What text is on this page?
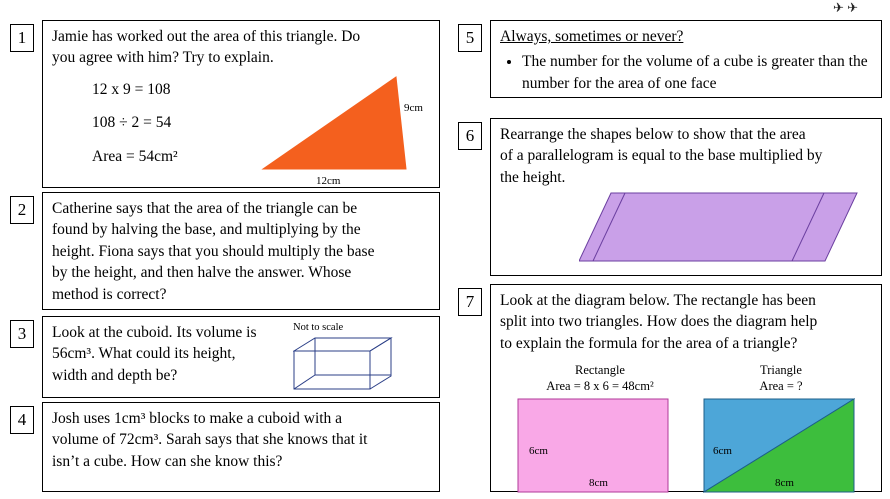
✈ ✈
1	Jamie has worked out the area of this triangle. Do

you agree with him? Try to explain.

12 x 9 = 108

108 ÷ 2 = 54

Area = 54cm²

9cm
12cm
2	Catherine says that the area of the triangle can be

found by halving the base, and multiplying by the

height. Fiona says that you should multiply the base

by the height, and then halve the answer. Whose

method is correct?

3	Look at the cuboid. Its volume is

56cm³. What could its height,

width and depth be?

Not to scale
4	Josh uses 1cm³ blocks to make a cuboid with a

volume of 72cm³. Sarah says that she knows that it

isn’t a cube. How can she know this?

5	Always, sometimes or never?

• The number for the volume of a cube is greater than the number for the area of one face
6	Rearrange the shapes below to show that the area

of a parallelogram is equal to the base multiplied by

the height.

7	Look at the diagram below. The rectangle has been

split into two triangles. How does the diagram help

to explain the formula for the area of a triangle?

Rectangle
Area = 8 x 6 = 48cm²
Triangle
Area = ?
6cm
8cm
6cm
8cm
